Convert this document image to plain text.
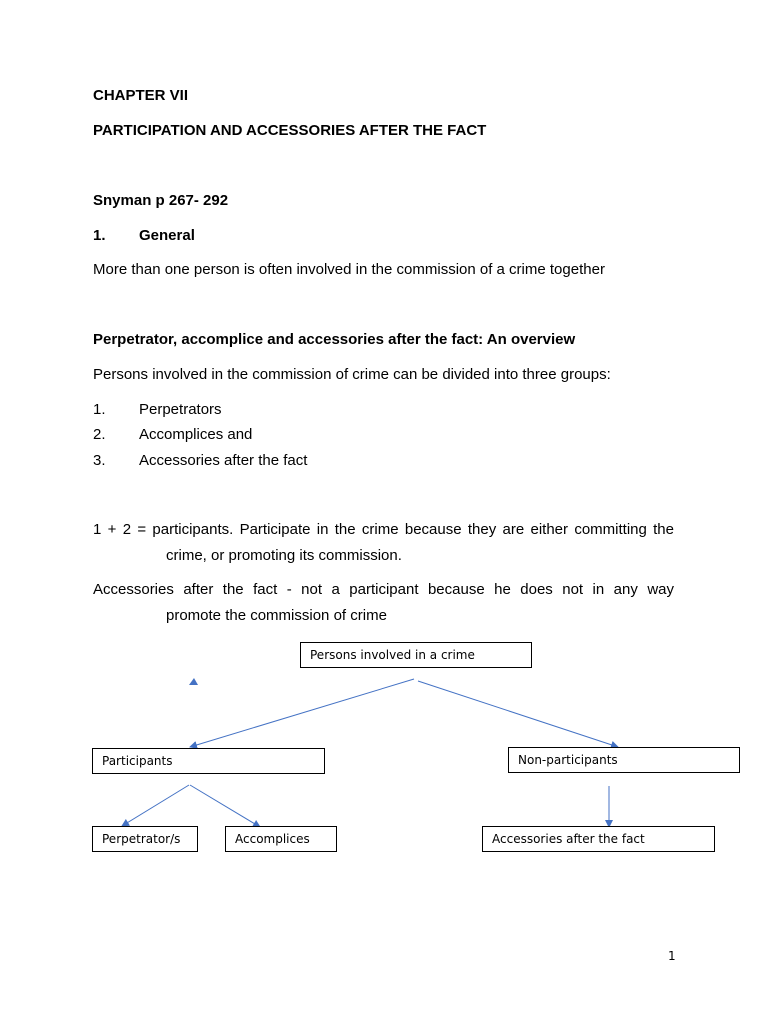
CHAPTER VII

PARTICIPATION AND ACCESSORIES AFTER THE FACT

Snyman p 267- 292

1. General

More than one person is often involved in the commission of a crime together

Perpetrator, accomplice and accessories after the fact: An overview

Persons involved in the commission of crime can be divided into three groups:

1. Perpetrators
2. Accomplices and
3. Accessories after the fact

1 + 2 = participants. Participate in the crime because they are either committing the

crime, or promoting its commission.

Accessories after the fact - not a participant because he does not in any way

promote the commission of crime

Persons involved in a crime
Participants	Non-participants
Perpetrator/s	Accomplices	Accessories after the fact
1
